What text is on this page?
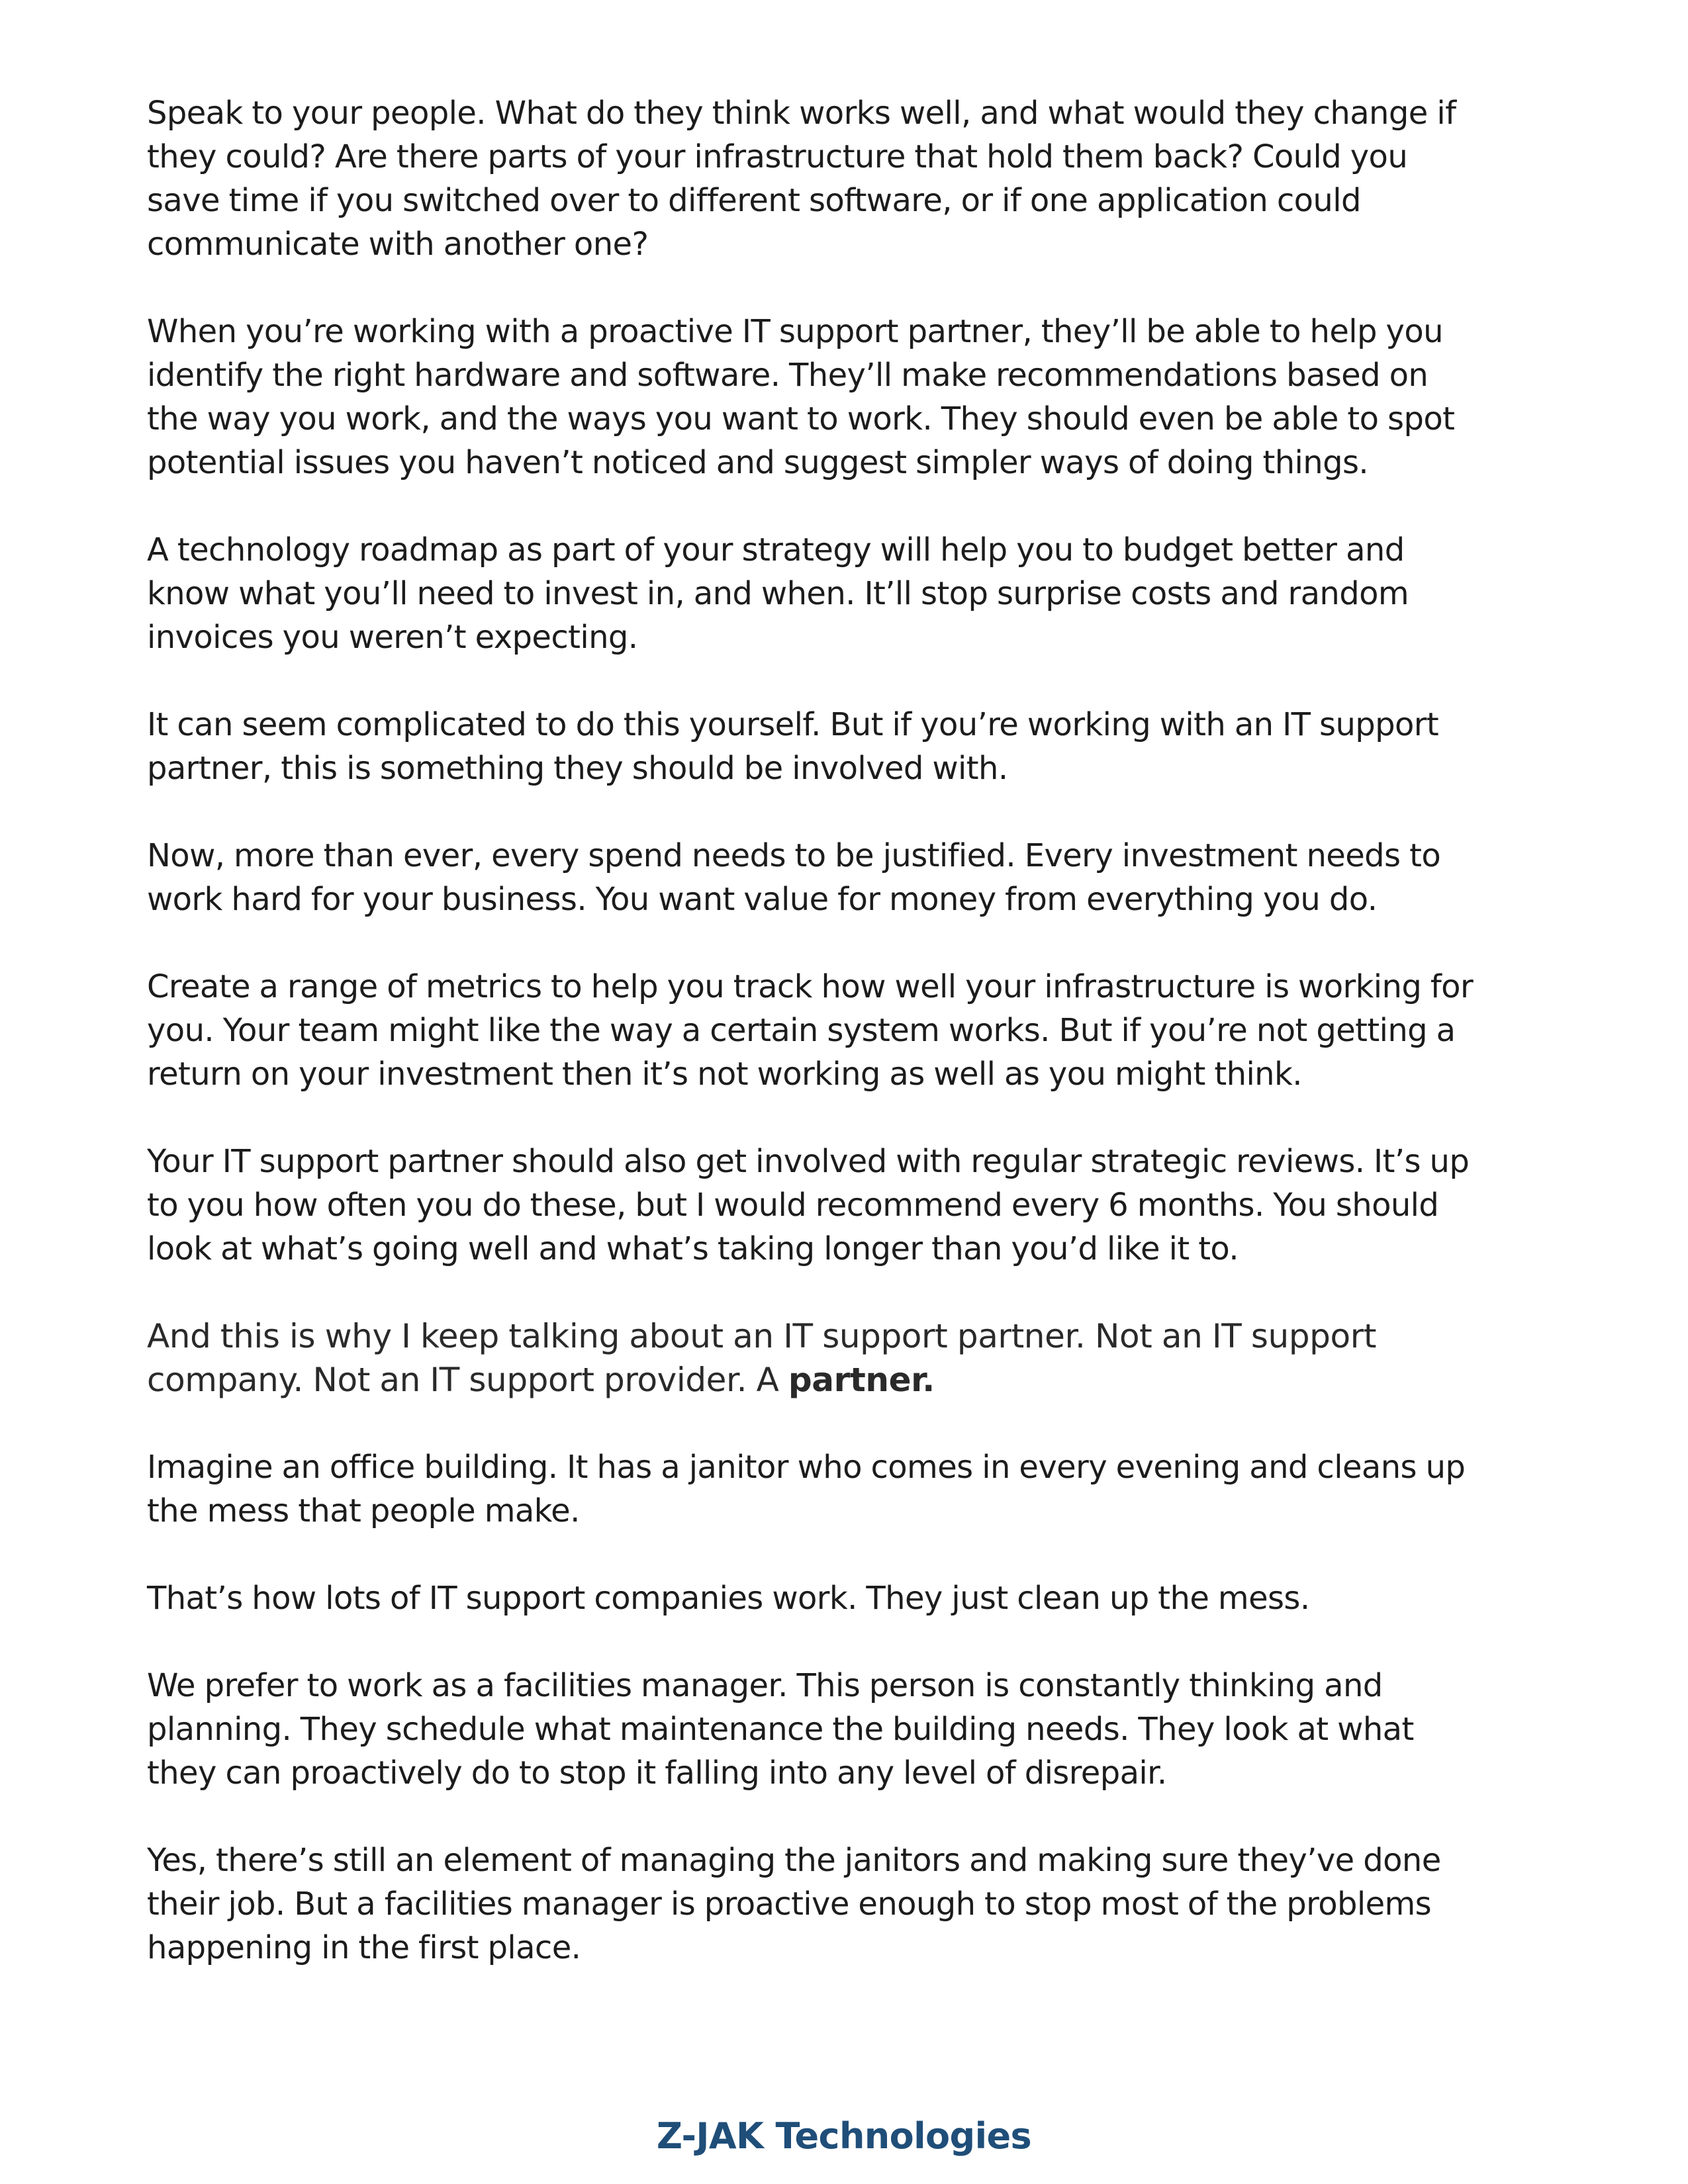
Speak to your people. What do they think works well, and what would they change if they could? Are there parts of your infrastructure that hold them back? Could you save time if you switched over to different software, or if one application could communicate with another one?

When you’re working with a proactive IT support partner, they’ll be able to help you identify the right hardware and software. They’ll make recommendations based on the way you work, and the ways you want to work. They should even be able to spot potential issues you haven’t noticed and suggest simpler ways of doing things.

A technology roadmap as part of your strategy will help you to budget better and know what you’ll need to invest in, and when. It’ll stop surprise costs and random invoices you weren’t expecting.

It can seem complicated to do this yourself. But if you’re working with an IT support partner, this is something they should be involved with.

Now, more than ever, every spend needs to be justified. Every investment needs to work hard for your business. You want value for money from everything you do.

Create a range of metrics to help you track how well your infrastructure is working for you. Your team might like the way a certain system works. But if you’re not getting a return on your investment then it’s not working as well as you might think.

Your IT support partner should also get involved with regular strategic reviews. It’s up to you how often you do these, but I would recommend every 6 months. You should look at what’s going well and what’s taking longer than you’d like it to.

And this is why I keep talking about an IT support partner. Not an IT support company. Not an IT support provider. A partner.

Imagine an office building. It has a janitor who comes in every evening and cleans up the mess that people make.

That’s how lots of IT support companies work. They just clean up the mess.

We prefer to work as a facilities manager. This person is constantly thinking and planning. They schedule what maintenance the building needs. They look at what they can proactively do to stop it falling into any level of disrepair.

Yes, there’s still an element of managing the janitors and making sure they’ve done their job. But a facilities manager is proactive enough to stop most of the problems happening in the first place.

Z-JAK Technologies
